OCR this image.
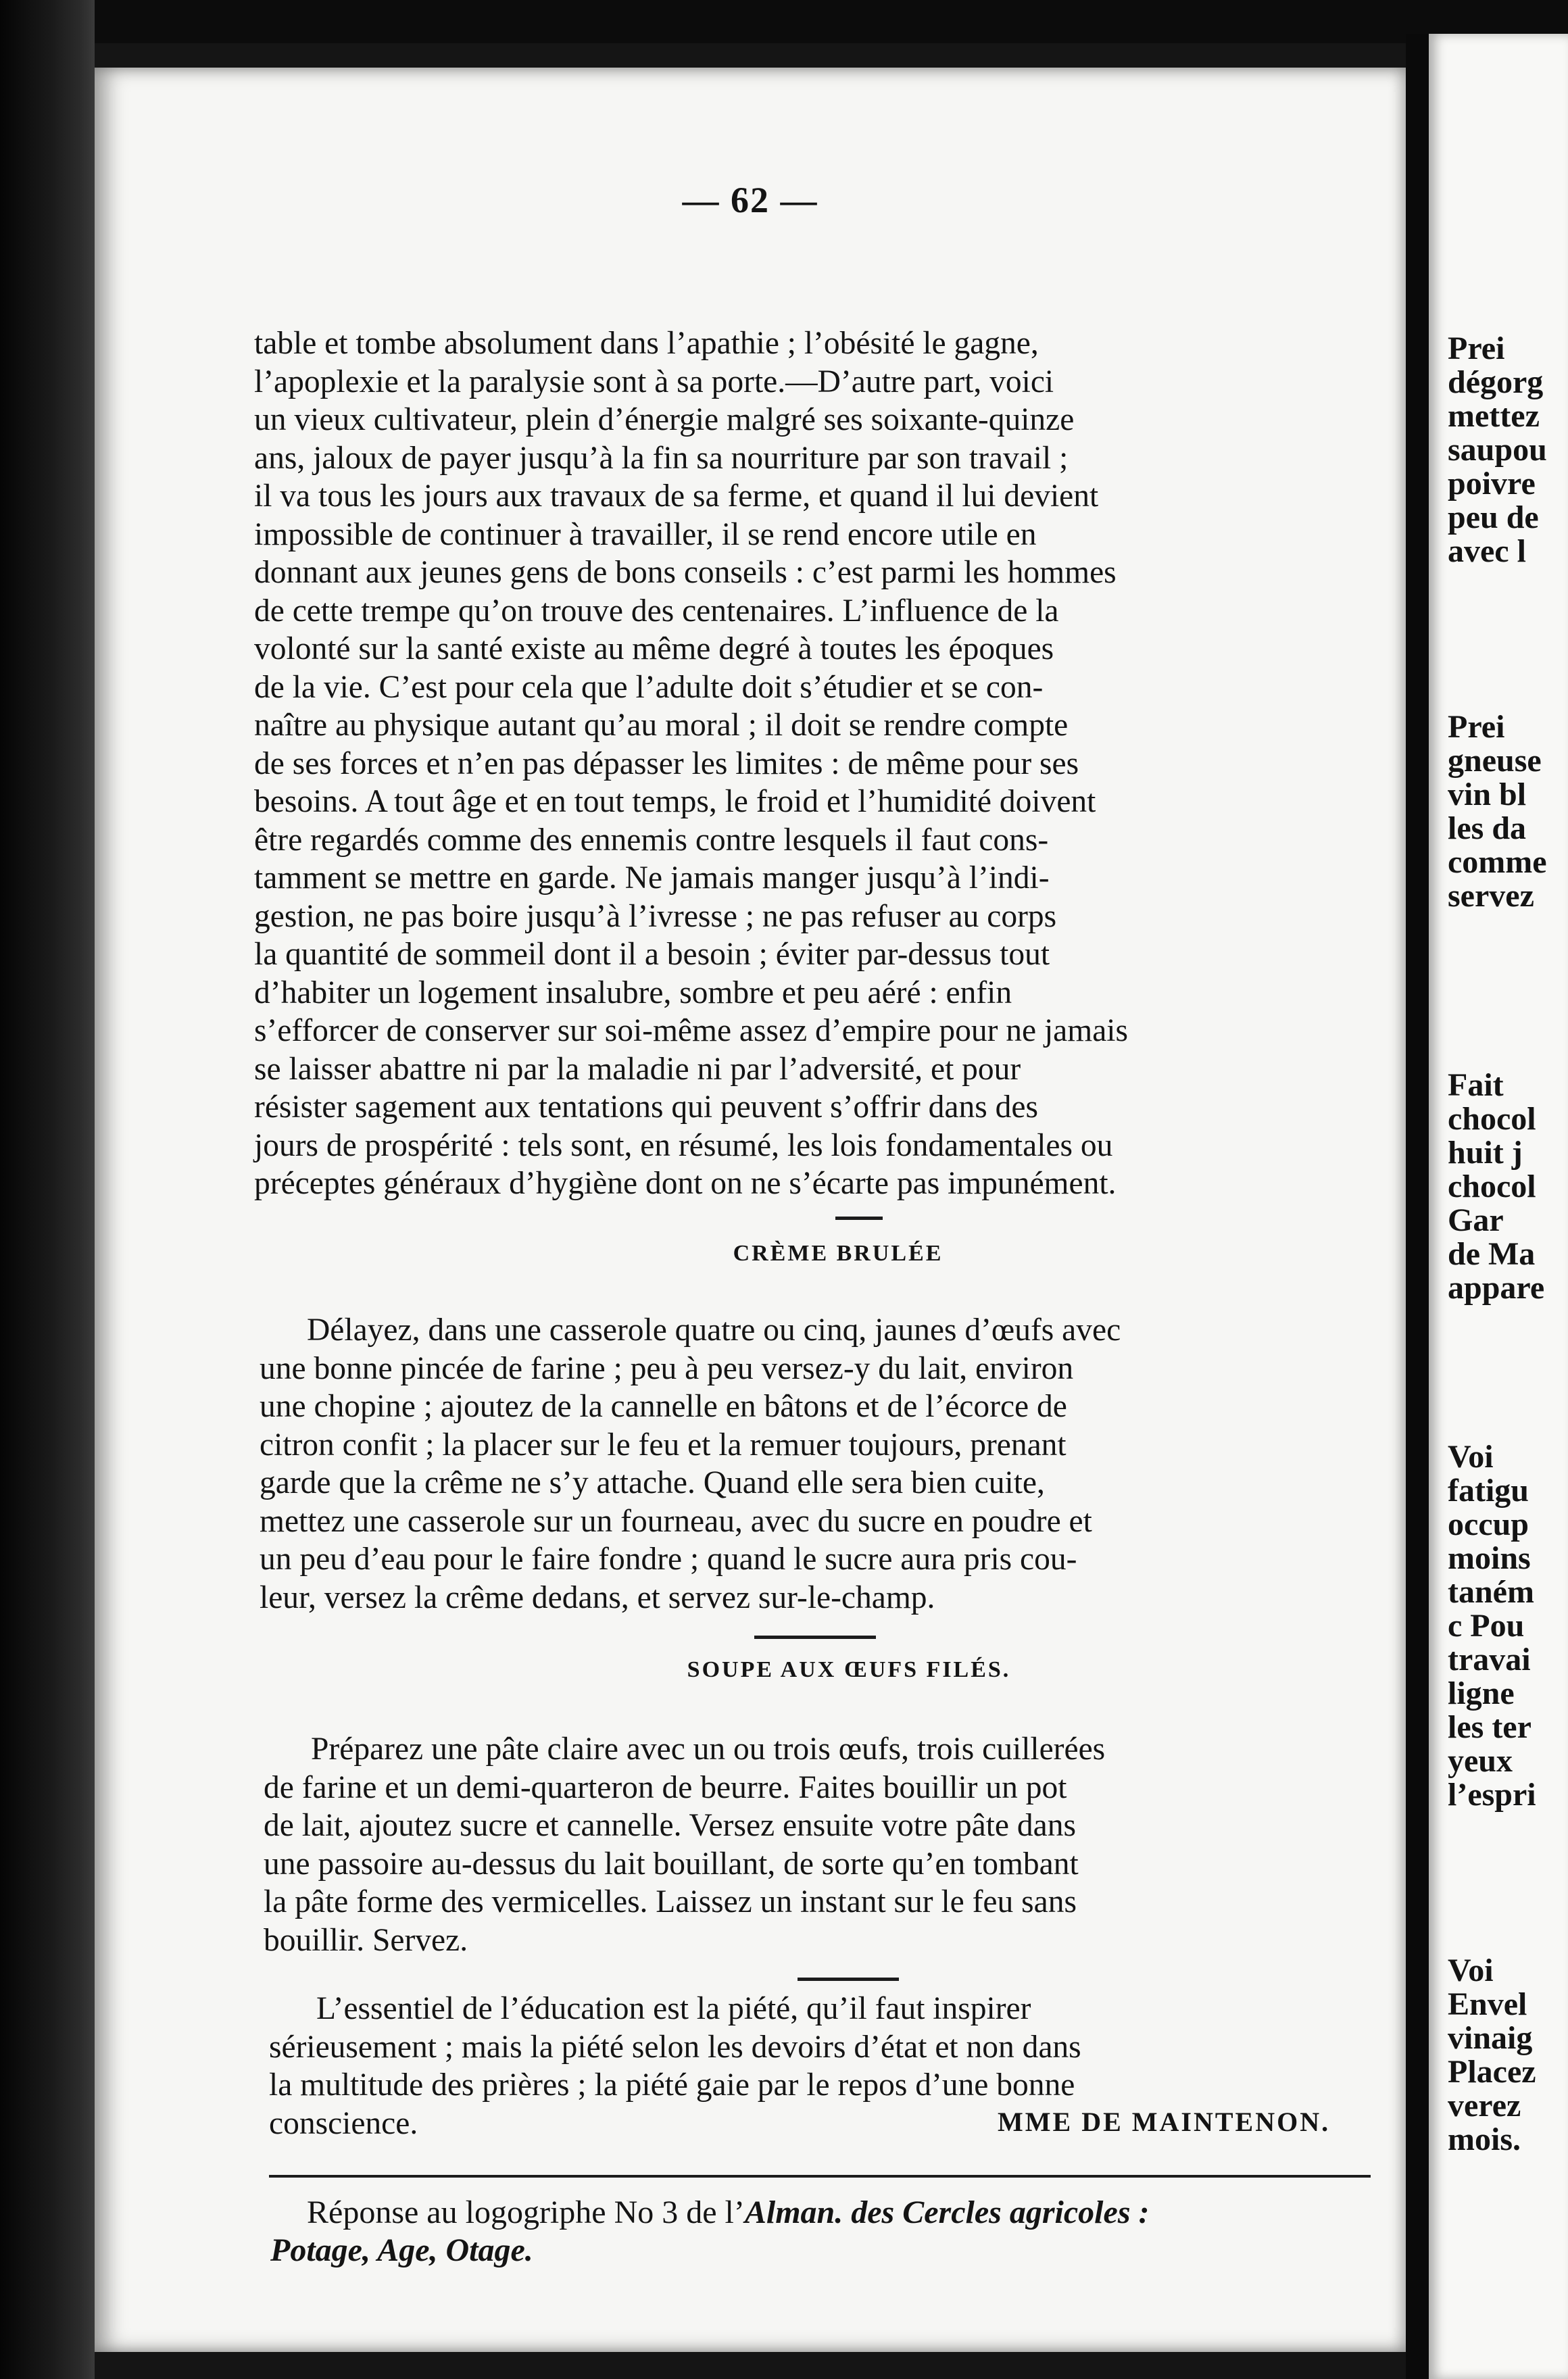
— 62 —

table et tombe absolument dans l’apathie ; l’obésité le gagne,
l’apoplexie et la paralysie sont à sa porte.—D’autre part, voici
un vieux cultivateur, plein d’énergie malgré ses soixante-quinze
ans, jaloux de payer jusqu’à la fin sa nourriture par son travail ;
il va tous les jours aux travaux de sa ferme, et quand il lui devient
impossible de continuer à travailler, il se rend encore utile en
donnant aux jeunes gens de bons conseils : c’est parmi les hommes
de cette trempe qu’on trouve des centenaires. L’influence de la
volonté sur la santé existe au même degré à toutes les époques
de la vie. C’est pour cela que l’adulte doit s’étudier et se con-
naître au physique autant qu’au moral ; il doit se rendre compte
de ses forces et n’en pas dépasser les limites : de même pour ses
besoins. A tout âge et en tout temps, le froid et l’humidité doivent
être regardés comme des ennemis contre lesquels il faut cons-
tamment se mettre en garde. Ne jamais manger jusqu’à l’indi-
gestion, ne pas boire jusqu’à l’ivresse ; ne pas refuser au corps
la quantité de sommeil dont il a besoin ; éviter par-dessus tout
d’habiter un logement insalubre, sombre et peu aéré : enfin
s’efforcer de conserver sur soi-même assez d’empire pour ne jamais
se laisser abattre ni par la maladie ni par l’adversité, et pour
résister sagement aux tentations qui peuvent s’offrir dans des
jours de prospérité : tels sont, en résumé, les lois fondamentales ou
préceptes généraux d’hygiène dont on ne s’écarte pas impunément.

CRÈME BRULÉE

Délayez, dans une casserole quatre ou cinq, jaunes d’œufs avec
une bonne pincée de farine ; peu à peu versez-y du lait, environ
une chopine ; ajoutez de la cannelle en bâtons et de l’écorce de
citron confit ; la placer sur le feu et la remuer toujours, prenant
garde que la crême ne s’y attache. Quand elle sera bien cuite,
mettez une casserole sur un fourneau, avec du sucre en poudre et
un peu d’eau pour le faire fondre ; quand le sucre aura pris cou-
leur, versez la crême dedans, et servez sur-le-champ.

SOUPE AUX ŒUFS FILÉS.

Préparez une pâte claire avec un ou trois œufs, trois cuillerées
de farine et un demi-quarteron de beurre. Faites bouillir un pot
de lait, ajoutez sucre et cannelle. Versez ensuite votre pâte dans
une passoire au-dessus du lait bouillant, de sorte qu’en tombant
la pâte forme des vermicelles. Laissez un instant sur le feu sans
bouillir. Servez.

L’essentiel de l’éducation est la piété, qu’il faut inspirer
sérieusement ; mais la piété selon les devoirs d’état et non dans
la multitude des prières ; la piété gaie par le repos d’une bonne
conscience.	MME DE MAINTENON.

Réponse au logogriphe No 3 de l’Alman. des Cercles agricoles :
Potage, Age, Otage.

Prei
dégorg
mettez
saupou
poivre
peu de
avec l
Prei
gneuse
vin bl
les da
comme
servez
Fait
chocol
huit j
chocol
Gar
de Ma
appare
Voi
fatigu
occup
moins
taném
c Pou
travai
ligne
les ter
yeux
l’espri
Voi
Envel
vinaig
Placez
verez
mois.
